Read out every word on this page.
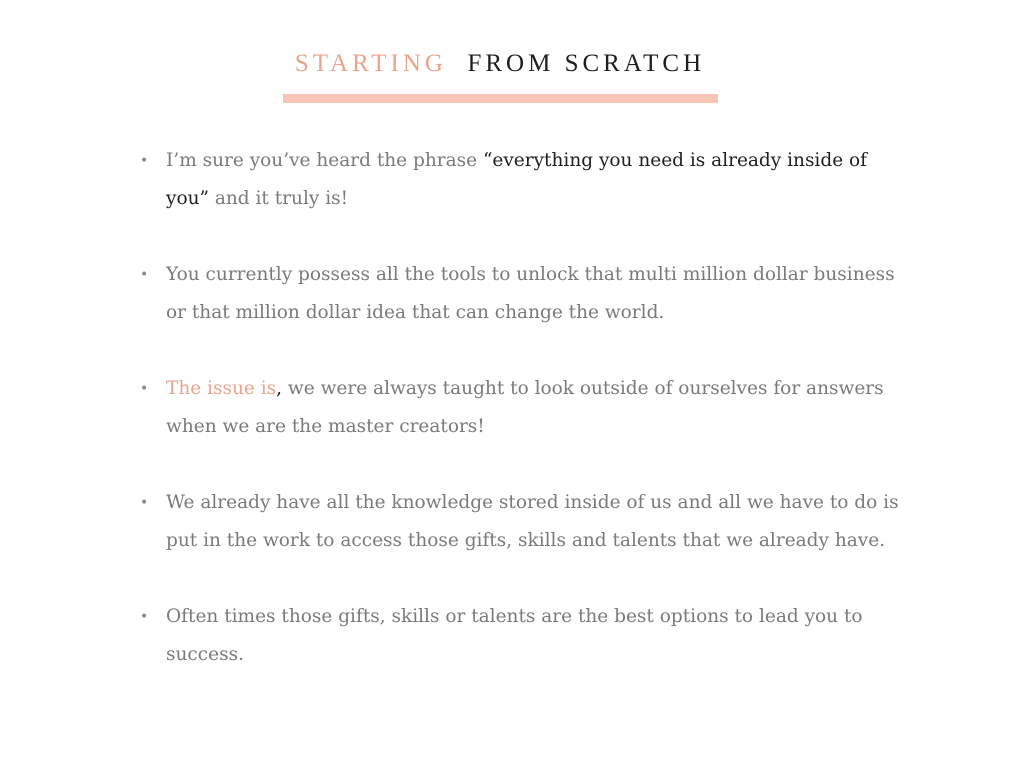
STARTING FROM SCRATCH
• I’m sure you’ve heard the phrase “everything you need is already inside of you” and it truly is!
• You currently possess all the tools to unlock that multi million dollar business or that million dollar idea that can change the world.
• The issue is, we were always taught to look outside of ourselves for answers when we are the master creators!
• We already have all the knowledge stored inside of us and all we have to do is put in the work to access those gifts, skills and talents that we already have.
• Often times those gifts, skills or talents are the best options to lead you to success.
